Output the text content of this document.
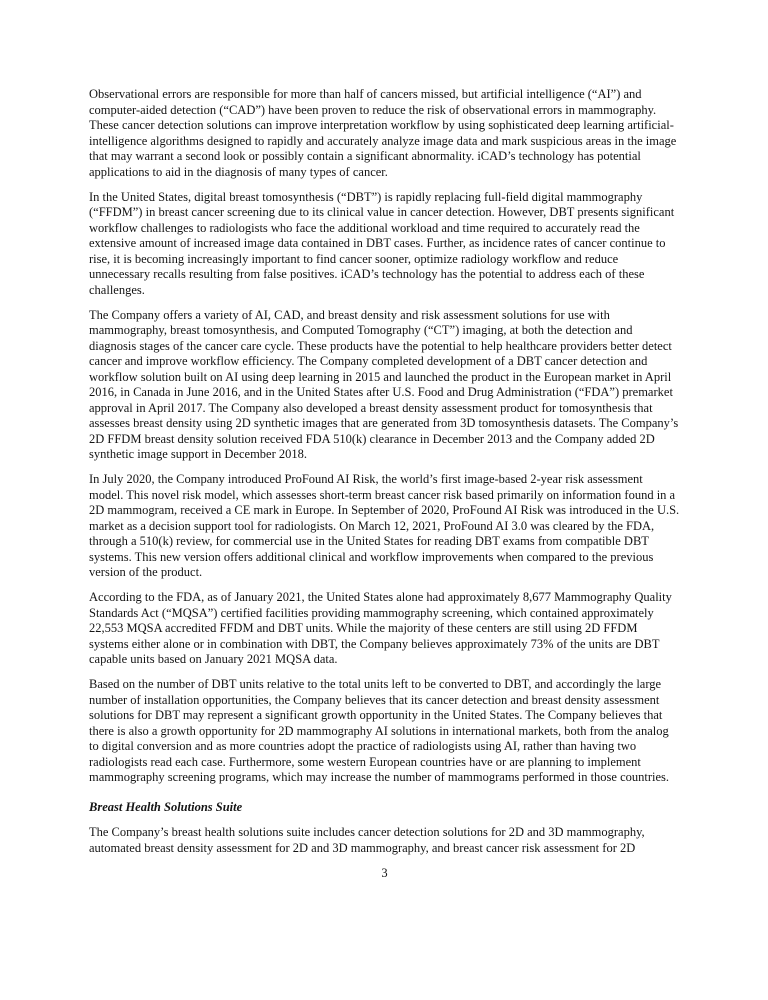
Observational errors are responsible for more than half of cancers missed, but artificial intelligence (“AI”) and computer-aided detection (“CAD”) have been proven to reduce the risk of observational errors in mammography. These cancer detection solutions can improve interpretation workflow by using sophisticated deep learning artificial-intelligence algorithms designed to rapidly and accurately analyze image data and mark suspicious areas in the image that may warrant a second look or possibly contain a significant abnormality. iCAD’s technology has potential applications to aid in the diagnosis of many types of cancer.

In the United States, digital breast tomosynthesis (“DBT”) is rapidly replacing full-field digital mammography (“FFDM”) in breast cancer screening due to its clinical value in cancer detection. However, DBT presents significant workflow challenges to radiologists who face the additional workload and time required to accurately read the extensive amount of increased image data contained in DBT cases. Further, as incidence rates of cancer continue to rise, it is becoming increasingly important to find cancer sooner, optimize radiology workflow and reduce unnecessary recalls resulting from false positives. iCAD’s technology has the potential to address each of these challenges.

The Company offers a variety of AI, CAD, and breast density and risk assessment solutions for use with mammography, breast tomosynthesis, and Computed Tomography (“CT”) imaging, at both the detection and diagnosis stages of the cancer care cycle. These products have the potential to help healthcare providers better detect cancer and improve workflow efficiency. The Company completed development of a DBT cancer detection and workflow solution built on AI using deep learning in 2015 and launched the product in the European market in April 2016, in Canada in June 2016, and in the United States after U.S. Food and Drug Administration (“FDA”) premarket approval in April 2017. The Company also developed a breast density assessment product for tomosynthesis that assesses breast density using 2D synthetic images that are generated from 3D tomosynthesis datasets. The Company’s 2D FFDM breast density solution received FDA 510(k) clearance in December 2013 and the Company added 2D synthetic image support in December 2018.

In July 2020, the Company introduced ProFound AI Risk, the world’s first image-based 2-year risk assessment model. This novel risk model, which assesses short-term breast cancer risk based primarily on information found in a 2D mammogram, received a CE mark in Europe. In September of 2020, ProFound AI Risk was introduced in the U.S. market as a decision support tool for radiologists. On March 12, 2021, ProFound AI 3.0 was cleared by the FDA, through a 510(k) review, for commercial use in the United States for reading DBT exams from compatible DBT systems. This new version offers additional clinical and workflow improvements when compared to the previous version of the product.

According to the FDA, as of January 2021, the United States alone had approximately 8,677 Mammography Quality Standards Act (“MQSA”) certified facilities providing mammography screening, which contained approximately 22,553 MQSA accredited FFDM and DBT units. While the majority of these centers are still using 2D FFDM systems either alone or in combination with DBT, the Company believes approximately 73% of the units are DBT capable units based on January 2021 MQSA data.

Based on the number of DBT units relative to the total units left to be converted to DBT, and accordingly the large number of installation opportunities, the Company believes that its cancer detection and breast density assessment solutions for DBT may represent a significant growth opportunity in the United States. The Company believes that there is also a growth opportunity for 2D mammography AI solutions in international markets, both from the analog to digital conversion and as more countries adopt the practice of radiologists using AI, rather than having two radiologists read each case. Furthermore, some western European countries have or are planning to implement mammography screening programs, which may increase the number of mammograms performed in those countries.

Breast Health Solutions Suite

The Company’s breast health solutions suite includes cancer detection solutions for 2D and 3D mammography, automated breast density assessment for 2D and 3D mammography, and breast cancer risk assessment for 2D

3
